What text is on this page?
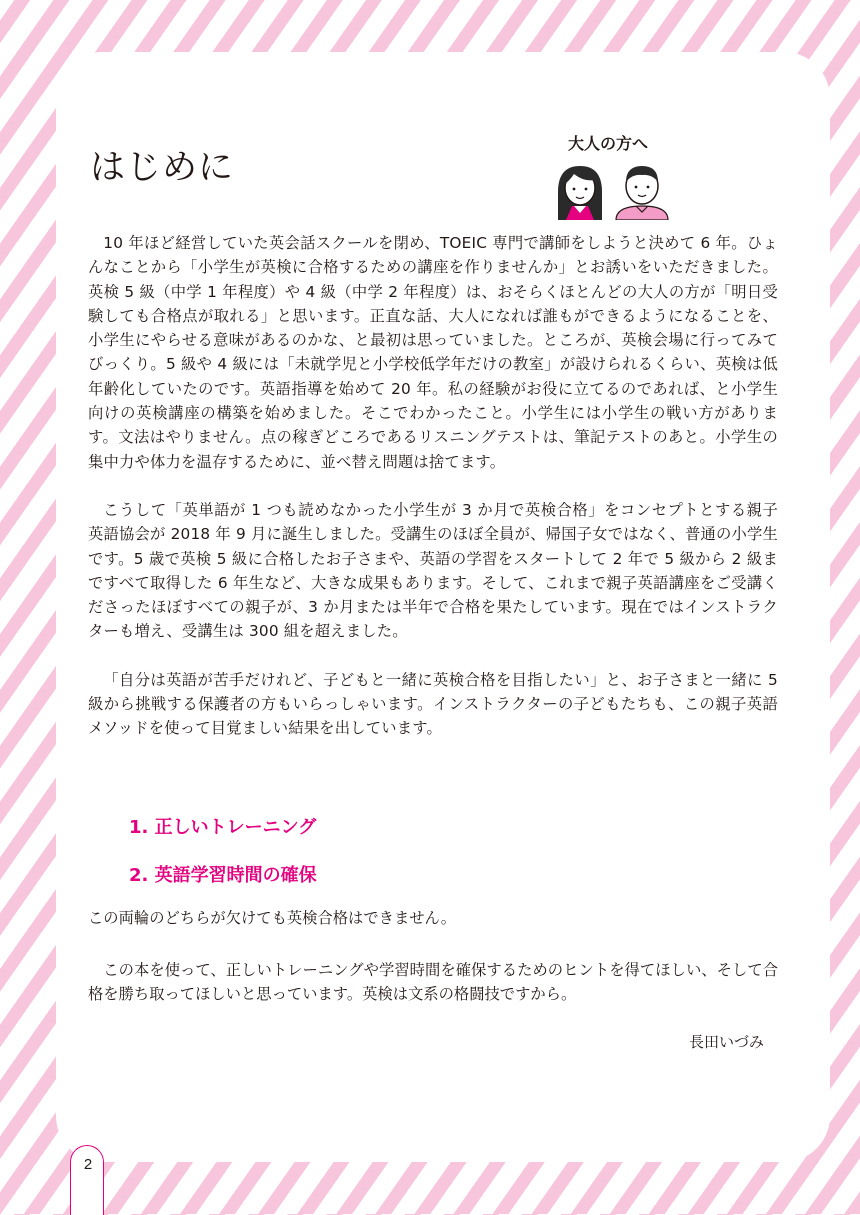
はじめに
大人の方へ

10 年ほど経営していた英会話スクールを閉め、TOEIC 専門で講師をしようと決めて 6 年。ひょんなことから「小学生が英検に合格するための講座を作りませんか」とお誘いをいただきました。英検 5 級（中学 1 年程度）や 4 級（中学 2 年程度）は、おそらくほとんどの大人の方が「明日受験しても合格点が取れる」と思います。正直な話、大人になれば誰もができるようになることを、小学生にやらせる意味があるのかな、と最初は思っていました。ところが、英検会場に行ってみてびっくり。5 級や 4 級には「未就学児と小学校低学年だけの教室」が設けられるくらい、英検は低年齢化していたのです。英語指導を始めて 20 年。私の経験がお役に立てるのであれば、と小学生向けの英検講座の構築を始めました。そこでわかったこと。小学生には小学生の戦い方があります。文法はやりません。点の稼ぎどころであるリスニングテストは、筆記テストのあと。小学生の集中力や体力を温存するために、並べ替え問題は捨てます。

こうして「英単語が 1 つも読めなかった小学生が 3 か月で英検合格」をコンセプトとする親子英語協会が 2018 年 9 月に誕生しました。受講生のほぼ全員が、帰国子女ではなく、普通の小学生です。5 歳で英検 5 級に合格したお子さまや、英語の学習をスタートして 2 年で 5 級から 2 級まですべて取得した 6 年生など、大きな成果もあります。そして、これまで親子英語講座をご受講くださったほぼすべての親子が、3 か月または半年で合格を果たしています。現在ではインストラクターも増え、受講生は 300 組を超えました。

「自分は英語が苦手だけれど、子どもと一緒に英検合格を目指したい」と、お子さまと一緒に 5 級から挑戦する保護者の方もいらっしゃいます。インストラクターの子どもたちも、この親子英語メソッドを使って目覚ましい結果を出しています。

1. 正しいトレーニング
2. 英語学習時間の確保

この両輪のどちらが欠けても英検合格はできません。

この本を使って、正しいトレーニングや学習時間を確保するためのヒントを得てほしい、そして合格を勝ち取ってほしいと思っています。英検は文系の格闘技ですから。

長田いづみ
2
